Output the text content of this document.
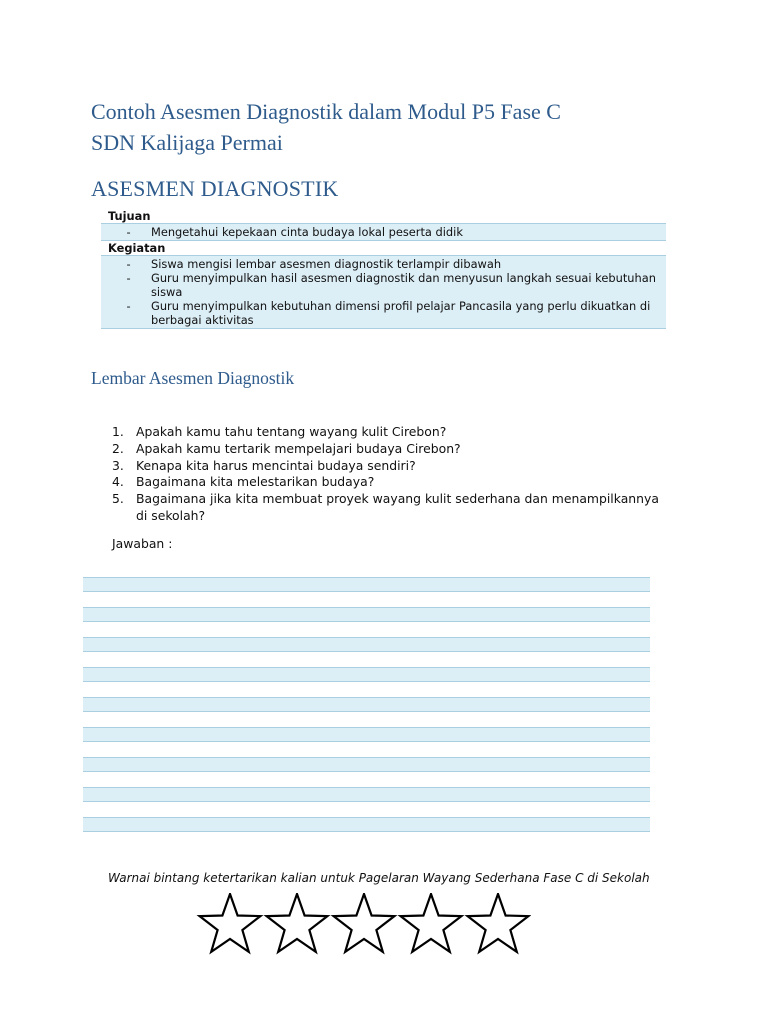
Contoh Asesmen Diagnostik dalam Modul P5 Fase C
SDN Kalijaga Permai
ASESMEN DIAGNOSTIK
Tujuan
-	Mengetahui kepekaan cinta budaya lokal peserta didik
Kegiatan
-	Siswa mengisi lembar asesmen diagnostik terlampir dibawah
-	Guru menyimpulkan hasil asesmen diagnostik dan menyusun langkah sesuai kebutuhan siswa
-	Guru menyimpulkan kebutuhan dimensi profil pelajar Pancasila yang perlu dikuatkan di berbagai aktivitas
Lembar Asesmen Diagnostik
1. Apakah kamu tahu tentang wayang kulit Cirebon?
2. Apakah kamu tertarik mempelajari budaya Cirebon?
3. Kenapa kita harus mencintai budaya sendiri?
4. Bagaimana kita melestarikan budaya?
5. Bagaimana jika kita membuat proyek wayang kulit sederhana dan menampilkannya di sekolah?
Jawaban :
Warnai bintang ketertarikan kalian untuk Pagelaran Wayang Sederhana Fase C di Sekolah
